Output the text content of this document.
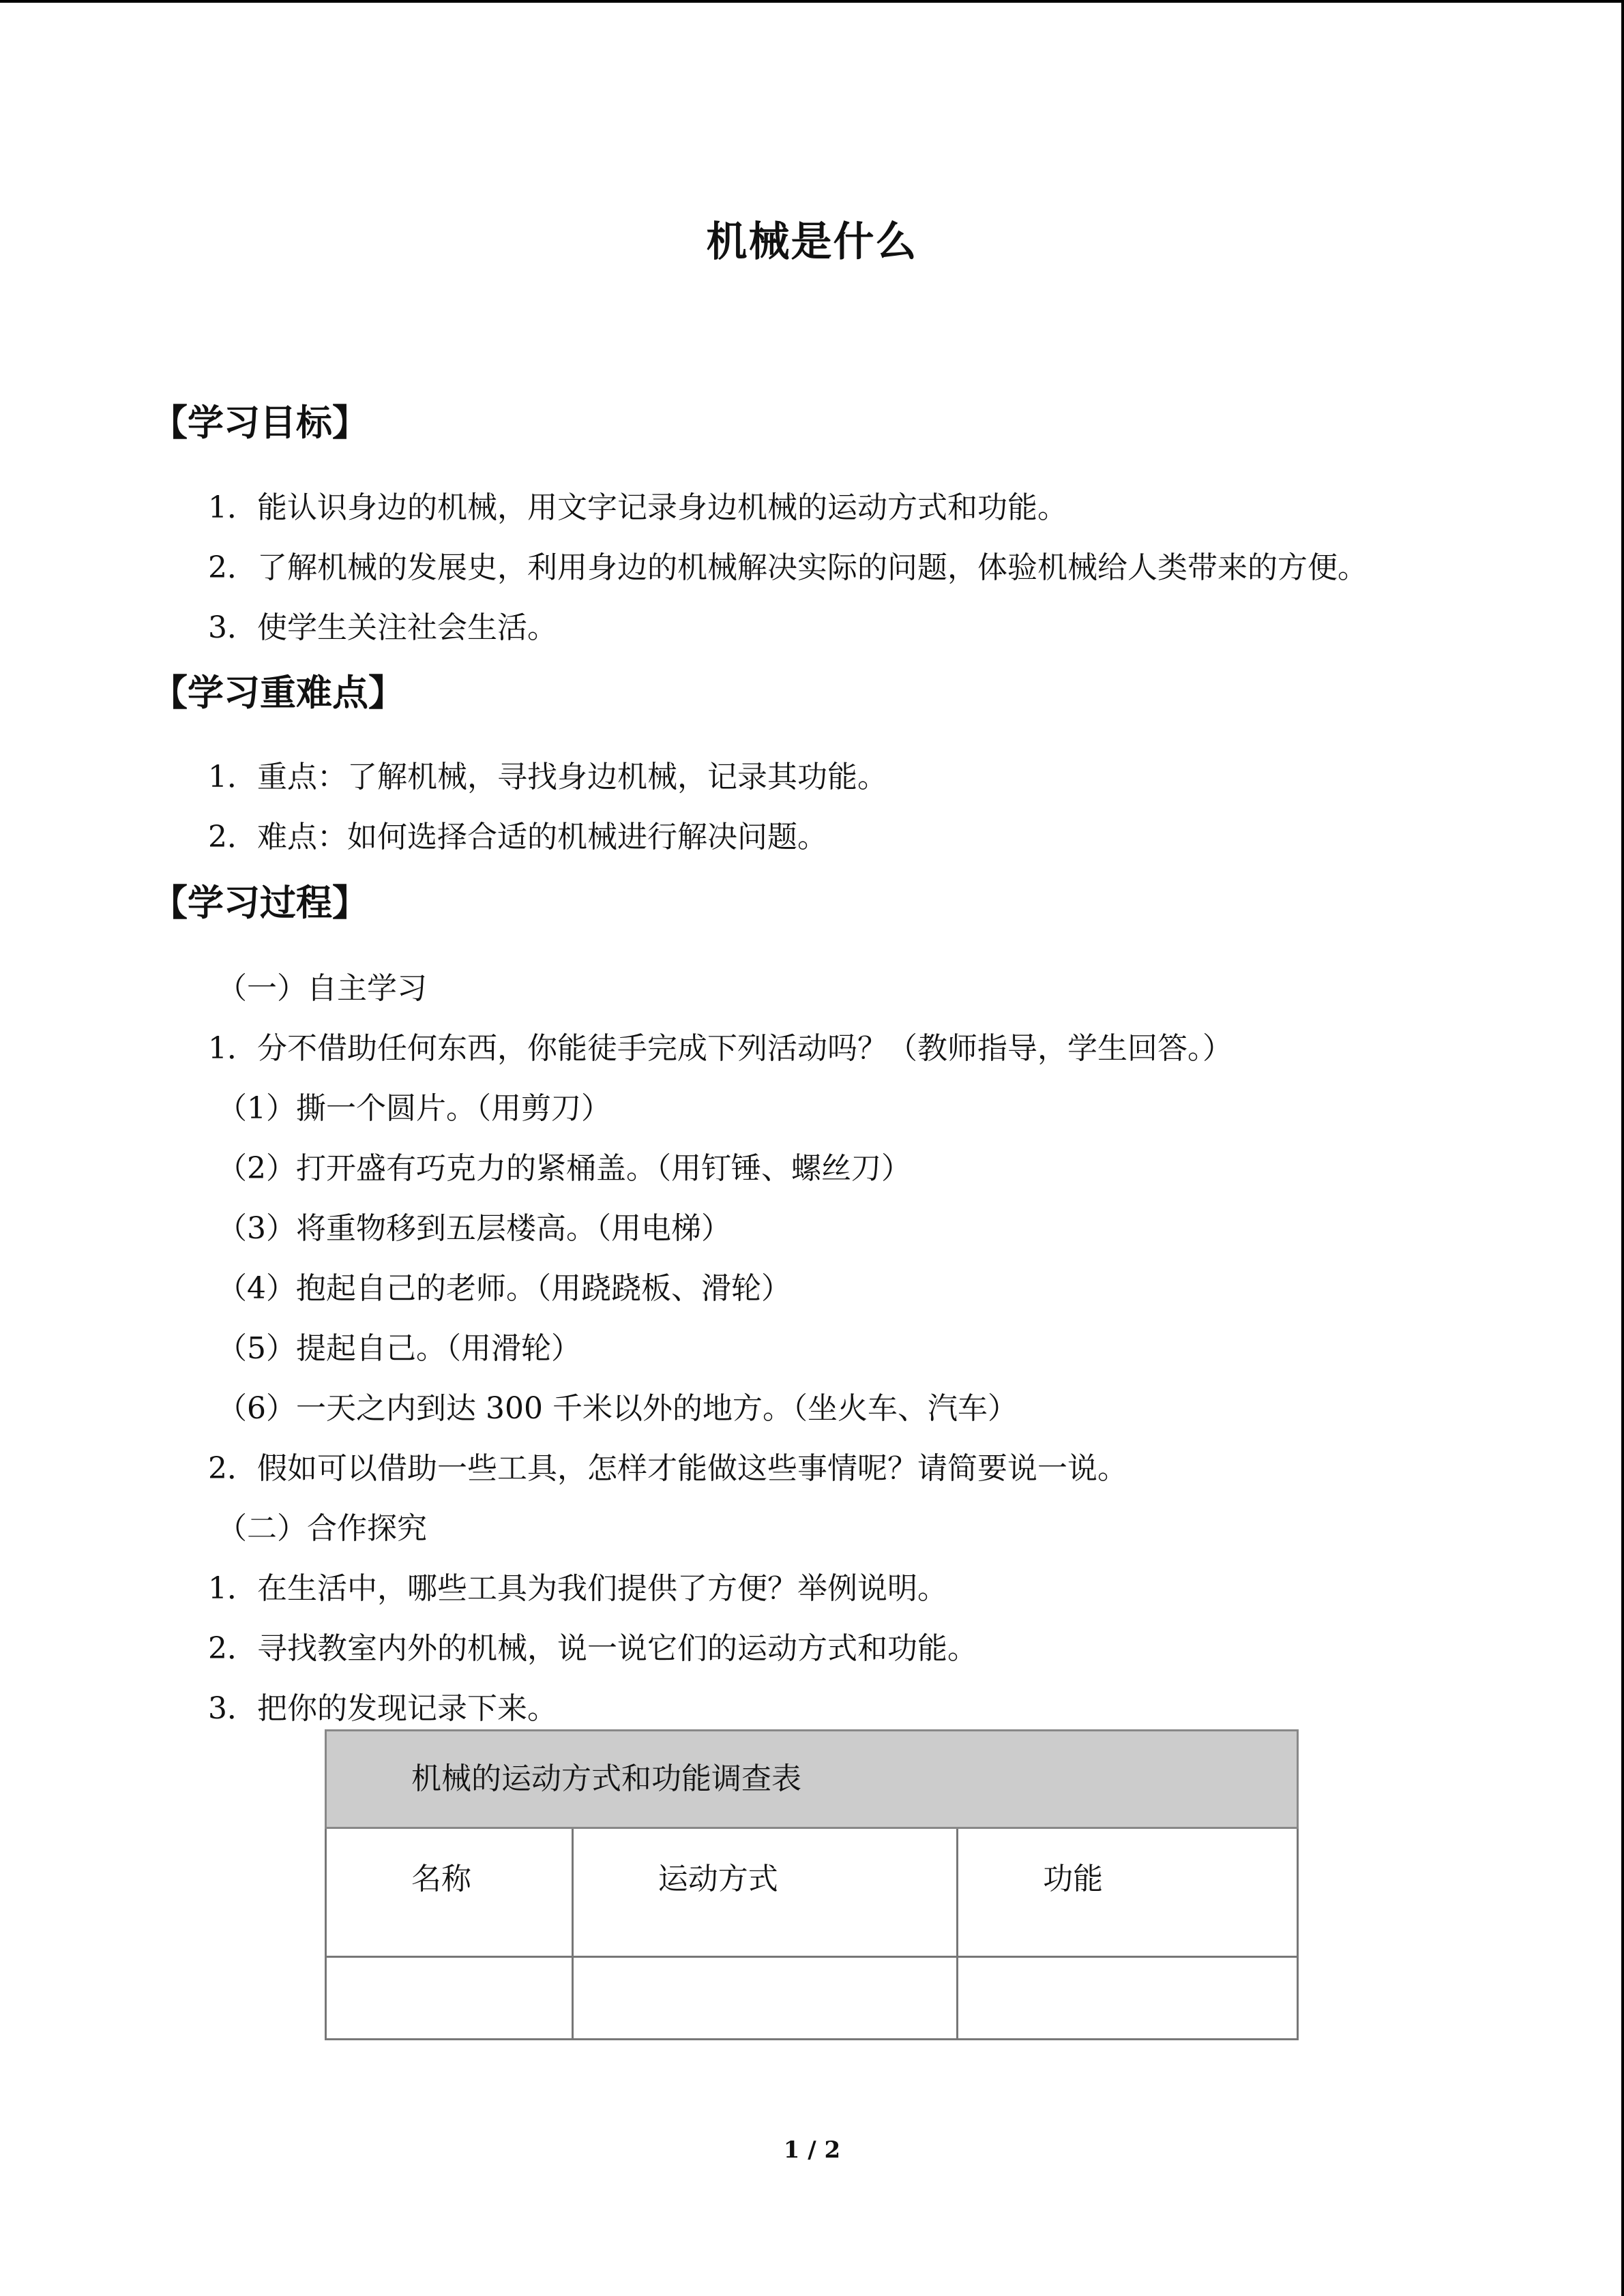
机械是什么
【学习目标】
1．能认识身边的机械，用文字记录身边机械的运动方式和功能。
2．了解机械的发展史，利用身边的机械解决实际的问题，体验机械给人类带来的方便。
3．使学生关注社会生活。
【学习重难点】
1．重点：了解机械，寻找身边机械，记录其功能。
2．难点：如何选择合适的机械进行解决问题。
【学习过程】
（一）自主学习
1．分不借助任何东西，你能徒手完成下列活动吗？（教师指导，学生回答。）
（1）撕一个圆片。（用剪刀）
（2）打开盛有巧克力的紧桶盖。（用钉锤、螺丝刀）
（3）将重物移到五层楼高。（用电梯）
（4）抱起自己的老师。（用跷跷板、滑轮）
（5）提起自己。（用滑轮）
（6）一天之内到达 300 千米以外的地方。（坐火车、汽车）
2．假如可以借助一些工具，怎样才能做这些事情呢？请简要说一说。
（二）合作探究
1．在生活中，哪些工具为我们提供了方便？举例说明。
2．寻找教室内外的机械，说一说它们的运动方式和功能。
3．把你的发现记录下来。
机械的运动方式和功能调查表		

名称	运动方式	功能

1 / 2
